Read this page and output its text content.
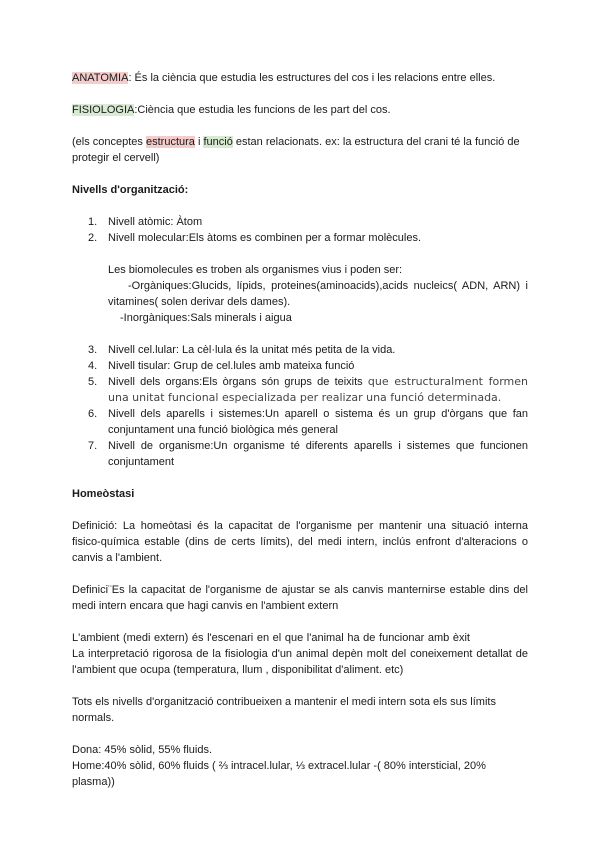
ANATOMIA: És la ciència que estudia les estructures del cos i les relacions entre elles.

FISIOLOGIA:Ciència que estudia les funcions de les part del cos.

(els conceptes estructura i funció estan relacionats. ex: la estructura del crani té la funció de protegir el cervell)

Nivells d'organització:

1. Nivell atòmic: Àtom
2. Nivell molecular:Els àtoms es combinen per a formar molècules.

Les biomolecules es troben als organismes vius i poden ser:

-Orgàniques:Glucids, lípids, proteines(aminoacids),acids nucleics( ADN, ARN) i vitamines( solen derivar dels dames).

-Inorgàniques:Sals minerals i aigua

3. Nivell cel.lular: La cèl·lula és la unitat més petita de la vida.
4. Nivell tisular: Grup de cel.lules amb mateixa funció
5. Nivell dels organs:Els òrgans són grups de teixits que estructuralment formen una unitat funcional especializada per realizar una funció determinada.
6. Nivell dels aparells i sistemes:Un aparell o sistema és un grup d'òrgans que fan conjuntament una funció biològica més general
7. Nivell de organisme:Un organisme té diferents aparells i sistemes que funcionen conjuntament

Homeòstasi

Definició: La homeòtasi és la capacitat de l'organisme per mantenir una situació interna fisico-química estable (dins de certs límits), del medi intern, inclús enfront d'alteracions o canvis a l'ambient.

Definici¨Es la capacitat de l'organisme de ajustar se als canvis manternirse estable dins del medi intern encara que hagi canvis en l'ambient extern

L'ambient (medi extern) és l'escenari en el que l'animal ha de funcionar amb èxitLa interpretació rigorosa de la fisiologia d'un animal depèn molt del coneixement detallat de l'ambient que ocupa (temperatura, llum , disponibilitat d'aliment. etc)

Tots els nivells d'organització contribueixen a mantenir el medi intern sota els sus límits normals.

Dona: 45% sòlid, 55% fluids.

Home:40% sòlid, 60% fluids ( ⅔ intracel.lular, ⅓ extracel.lular -( 80% intersticial, 20% plasma))
